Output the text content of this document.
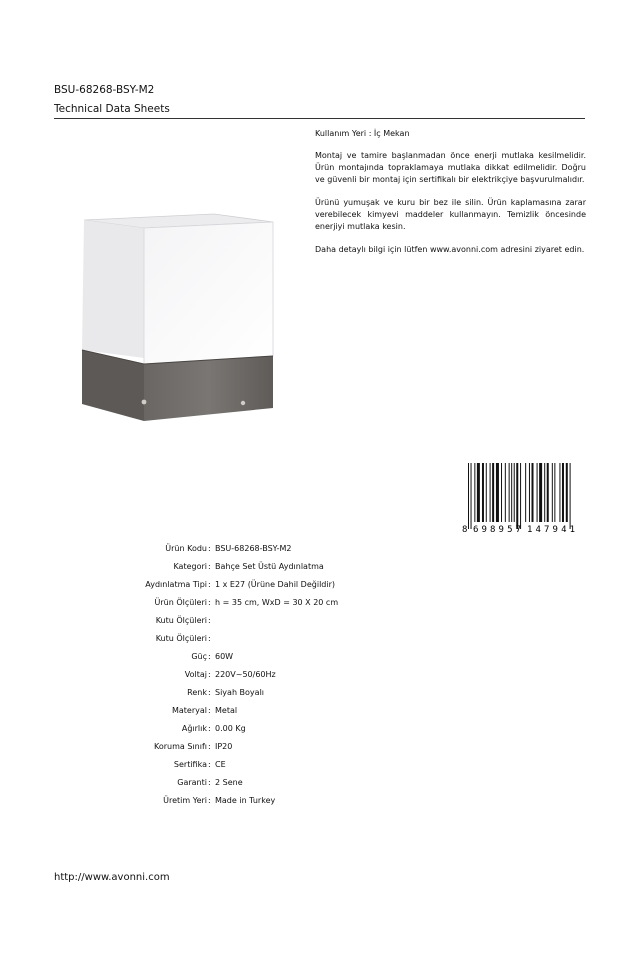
BSU-68268-BSY-M2
Technical Data Sheets

Kullanım Yeri : İç Mekan

Montaj ve tamire başlanmadan önce enerji mutlaka kesilmelidir. Ürün montajında topraklamaya mutlaka dikkat edilmelidir. Doğru ve güvenli bir montaj için sertifikalı bir elektrikçiye başvurulmalıdır.

Ürünü yumuşak ve kuru bir bez ile silin. Ürün kaplamasına zarar verebilecek kimyevi maddeler kullanmayın. Temizlik öncesinde enerjiyi mutlaka kesin.

Daha detaylı bilgi için lütfen www.avonni.com adresini ziyaret edin.

8 698957 147941
Ürün Kodu : BSU-68268-BSY-M2
Kategori : Bahçe Set Üstü Aydınlatma
Aydınlatma Tipi : 1 x E27 (Ürüne Dahil Değildir)
Ürün Ölçüleri : h = 35 cm, WxD = 30 X 20 cm
Kutu Ölçüleri :
Kutu Ölçüleri :
Güç : 60W
Voltaj : 220V~50/60Hz
Renk : Siyah Boyalı
Materyal : Metal
Ağırlık : 0.00 Kg
Koruma Sınıfı : IP20
Sertifika : CE
Garanti : 2 Sene
Üretim Yeri : Made in Turkey
http://www.avonni.com
